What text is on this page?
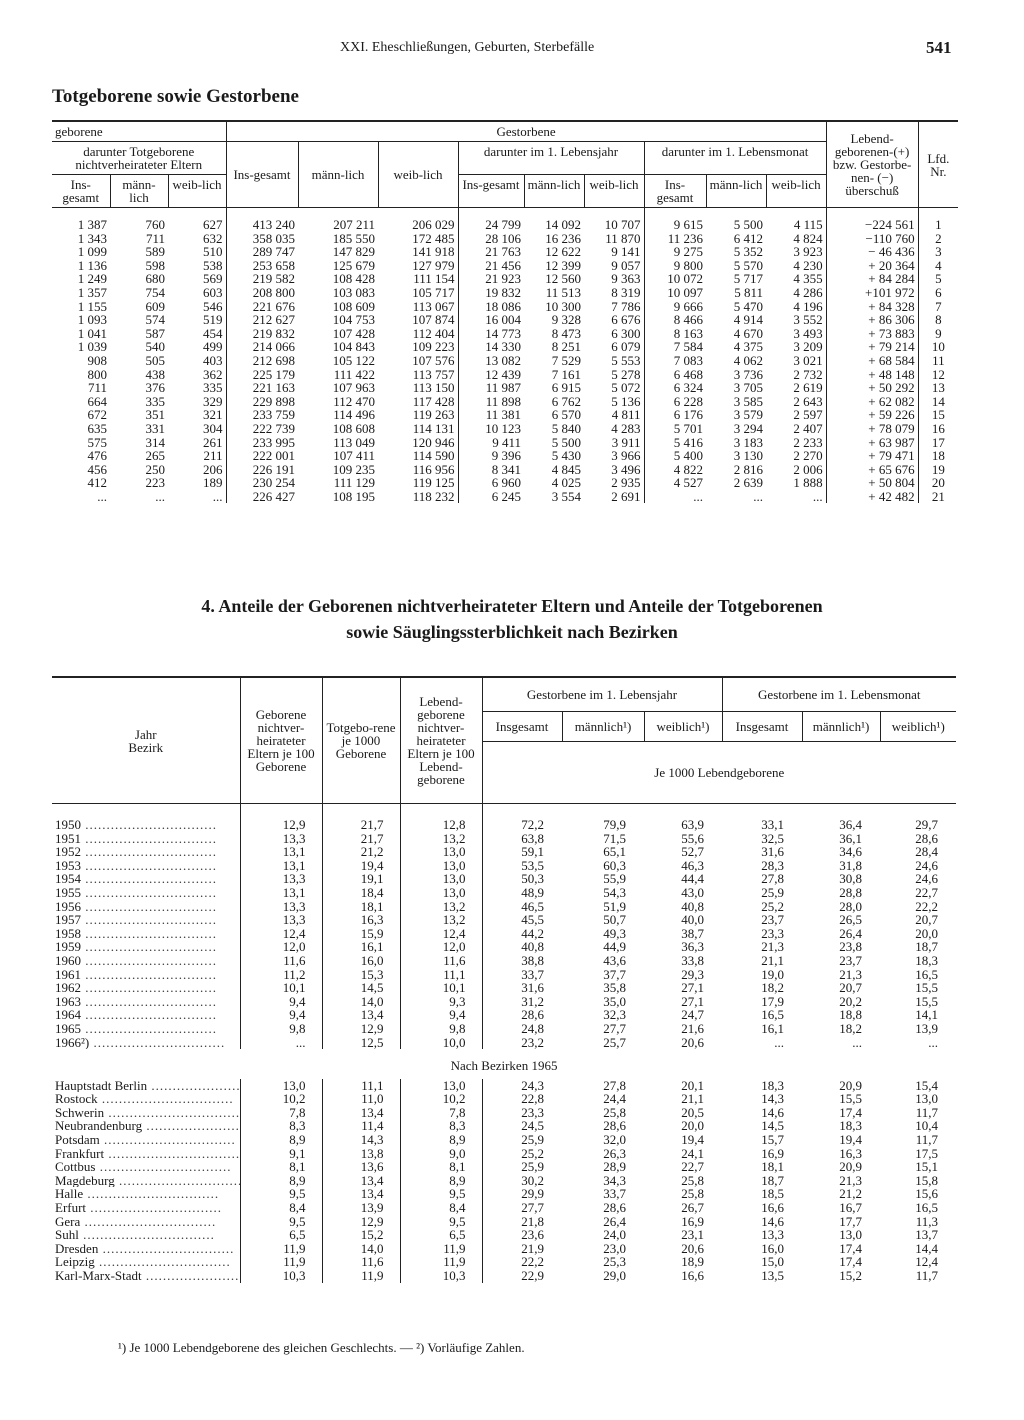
XXI. Eheschließungen, Geburten, Sterbefälle	541
Totgeborene sowie Gestorbene
geborene			Gestorbene									Lebend-geborenen-(+) bzw. Gestorbe-nen- (−) überschuß	Lfd. Nr.
darunter Totgeborene nichtverheirateter Eltern			Ins-gesamt	männ-lich	weib-lich	darunter im 1. Lebensjahr			darunter im 1. Lebensmonat				
Ins-gesamt	männ-lich	weib-lich				Ins-gesamt	männ-lich	weib-lich	Ins-gesamt	männ-lich	weib-lich		
1 387	760	627	413 240	207 211	206 029	24 799	14 092	10 707	9 615	5 500	4 115	−224 561	1
1 343	711	632	358 035	185 550	172 485	28 106	16 236	11 870	11 236	6 412	4 824	−110 760	2
1 099	589	510	289 747	147 829	141 918	21 763	12 622	9 141	9 275	5 352	3 923	− 46 436	3
1 136	598	538	253 658	125 679	127 979	21 456	12 399	9 057	9 800	5 570	4 230	+ 20 364	4
1 249	680	569	219 582	108 428	111 154	21 923	12 560	9 363	10 072	5 717	4 355	+ 84 284	5
1 357	754	603	208 800	103 083	105 717	19 832	11 513	8 319	10 097	5 811	4 286	+101 972	6
1 155	609	546	221 676	108 609	113 067	18 086	10 300	7 786	9 666	5 470	4 196	+ 84 328	7
1 093	574	519	212 627	104 753	107 874	16 004	9 328	6 676	8 466	4 914	3 552	+ 86 306	8
1 041	587	454	219 832	107 428	112 404	14 773	8 473	6 300	8 163	4 670	3 493	+ 73 883	9
1 039	540	499	214 066	104 843	109 223	14 330	8 251	6 079	7 584	4 375	3 209	+ 79 214	10
908	505	403	212 698	105 122	107 576	13 082	7 529	5 553	7 083	4 062	3 021	+ 68 584	11
800	438	362	225 179	111 422	113 757	12 439	7 161	5 278	6 468	3 736	2 732	+ 48 148	12
711	376	335	221 163	107 963	113 150	11 987	6 915	5 072	6 324	3 705	2 619	+ 50 292	13
664	335	329	229 898	112 470	117 428	11 898	6 762	5 136	6 228	3 585	2 643	+ 62 082	14
672	351	321	233 759	114 496	119 263	11 381	6 570	4 811	6 176	3 579	2 597	+ 59 226	15
635	331	304	222 739	108 608	114 131	10 123	5 840	4 283	5 701	3 294	2 407	+ 78 079	16
575	314	261	233 995	113 049	120 946	9 411	5 500	3 911	5 416	3 183	2 233	+ 63 987	17
476	265	211	222 001	107 411	114 590	9 396	5 430	3 966	5 400	3 130	2 270	+ 79 471	18
456	250	206	226 191	109 235	116 956	8 341	4 845	3 496	4 822	2 816	2 006	+ 65 676	19
412	223	189	230 254	111 129	119 125	6 960	4 025	2 935	4 527	2 639	1 888	+ 50 804	20
...	...	...	226 427	108 195	118 232	6 245	3 554	2 691	...	...	...	+ 42 482	21
4. Anteile der Geborenen nichtverheirateter Eltern und Anteile der Totgeborenen
sowie Säuglingssterblichkeit nach Bezirken
Jahr
Bezirk	Geborene nichtver-heirateter Eltern je 100 Geborene	Totgebo-rene je 1000 Geborene	Lebend-geborene nichtver-heirateter Eltern je 100 Lebend-geborene	Gestorbene im 1. Lebensjahr			Gestorbene im 1. Lebensmonat		
				Insgesamt	männlich¹)	weiblich¹)	Insgesamt	männlich¹)	weiblich¹)
				Je 1000 Lebendgeborene					
1950 .....	12,9	21,7	12,8	72,2	79,9	63,9	33,1	36,4	29,7
1951 .....	13,3	21,7	13,2	63,8	71,5	55,6	32,5	36,1	28,6
1952 .....	13,1	21,2	13,0	59,1	65,1	52,7	31,6	34,6	28,4
1953 .....	13,1	19,4	13,0	53,5	60,3	46,3	28,3	31,8	24,6
1954 .....	13,3	19,1	13,0	50,3	55,9	44,4	27,8	30,8	24,6
1955 .....	13,1	18,4	13,0	48,9	54,3	43,0	25,9	28,8	22,7
1956 .....	13,3	18,1	13,2	46,5	51,9	40,8	25,2	28,0	22,2
1957 .....	13,3	16,3	13,2	45,5	50,7	40,0	23,7	26,5	20,7
1958 .....	12,4	15,9	12,4	44,2	49,3	38,7	23,3	26,4	20,0
1959 .....	12,0	16,1	12,0	40,8	44,9	36,3	21,3	23,8	18,7
1960 .....	11,6	16,0	11,6	38,8	43,6	33,8	21,1	23,7	18,3
1961 .....	11,2	15,3	11,1	33,7	37,7	29,3	19,0	21,3	16,5
1962 .....	10,1	14,5	10,1	31,6	35,8	27,1	18,2	20,7	15,5
1963 .....	9,4	14,0	9,3	31,2	35,0	27,1	17,9	20,2	15,5
1964 .....	9,4	13,4	9,4	28,6	32,3	24,7	16,5	18,8	14,1
1965 .....	9,8	12,9	9,8	24,8	27,7	21,6	16,1	18,2	13,9
1966²) .....	...	12,5	10,0	23,2	25,7	20,6	...	...	...
Nach Bezirken 1965									
Hauptstadt Berlin .....	13,0	11,1	13,0	24,3	27,8	20,1	18,3	20,9	15,4
Rostock .....	10,2	11,0	10,2	22,8	24,4	21,1	14,3	15,5	13,0
Schwerin .....	7,8	13,4	7,8	23,3	25,8	20,5	14,6	17,4	11,7
Neubrandenburg .....	8,3	11,4	8,3	24,5	28,6	20,0	14,5	18,3	10,4
Potsdam .....	8,9	14,3	8,9	25,9	32,0	19,4	15,7	19,4	11,7
Frankfurt .....	9,1	13,8	9,0	25,2	26,3	24,1	16,9	16,3	17,5
Cottbus .....	8,1	13,6	8,1	25,9	28,9	22,7	18,1	20,9	15,1
Magdeburg .....	8,9	13,4	8,9	30,2	34,3	25,8	18,7	21,3	15,8
Halle .....	9,5	13,4	9,5	29,9	33,7	25,8	18,5	21,2	15,6
Erfurt .....	8,4	13,9	8,4	27,7	28,6	26,7	16,6	16,7	16,5
Gera .....	9,5	12,9	9,5	21,8	26,4	16,9	14,6	17,7	11,3
Suhl .....	6,5	15,2	6,5	23,6	24,0	23,1	13,3	13,0	13,7
Dresden .....	11,9	14,0	11,9	21,9	23,0	20,6	16,0	17,4	14,4
Leipzig .....	11,9	11,6	11,9	22,2	25,3	18,9	15,0	17,4	12,4
Karl-Marx-Stadt .....	10,3	11,9	10,3	22,9	29,0	16,6	13,5	15,2	11,7
¹) Je 1000 Lebendgeborene des gleichen Geschlechts. — ²) Vorläufige Zahlen.
